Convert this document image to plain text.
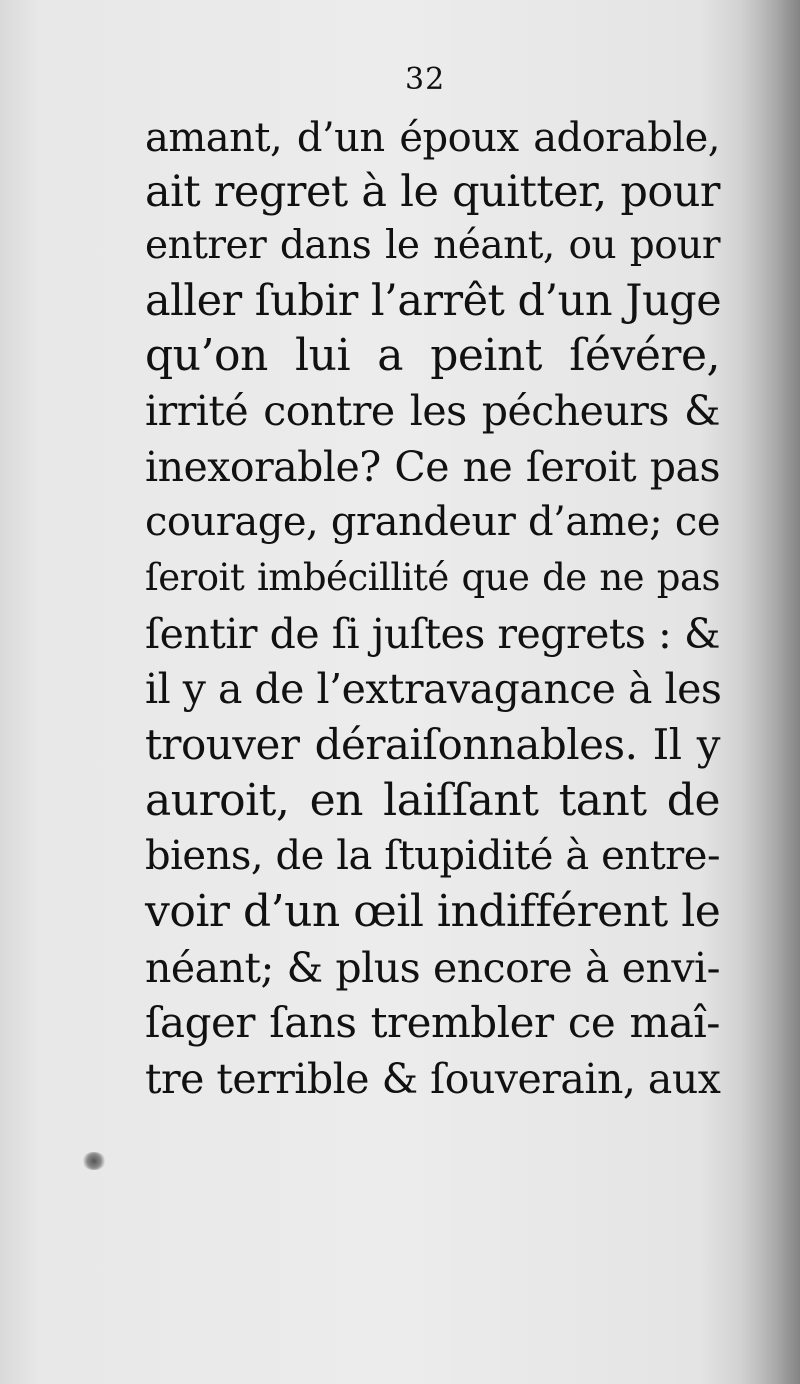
32
amant, d’un époux adorable,
ait regret à le quitter, pour
entrer dans le néant, ou pour
aller ſubir l’arrêt d’un Juge
qu’on lui a peint ſévére,
irrité contre les pécheurs &
inexorable? Ce ne ſeroit pas
courage, grandeur d’ame; ce
ſeroit imbécillité que de ne pas
ſentir de ſi juſtes regrets : &
il y a de l’extravagance à les
trouver déraiſonnables. Il y
auroit, en laiſſant tant de
biens, de la ſtupidité à entre-
voir d’un œil indifférent le
néant; & plus encore à envi-
ſager ſans trembler ce maî-
tre terrible & ſouverain, aux
